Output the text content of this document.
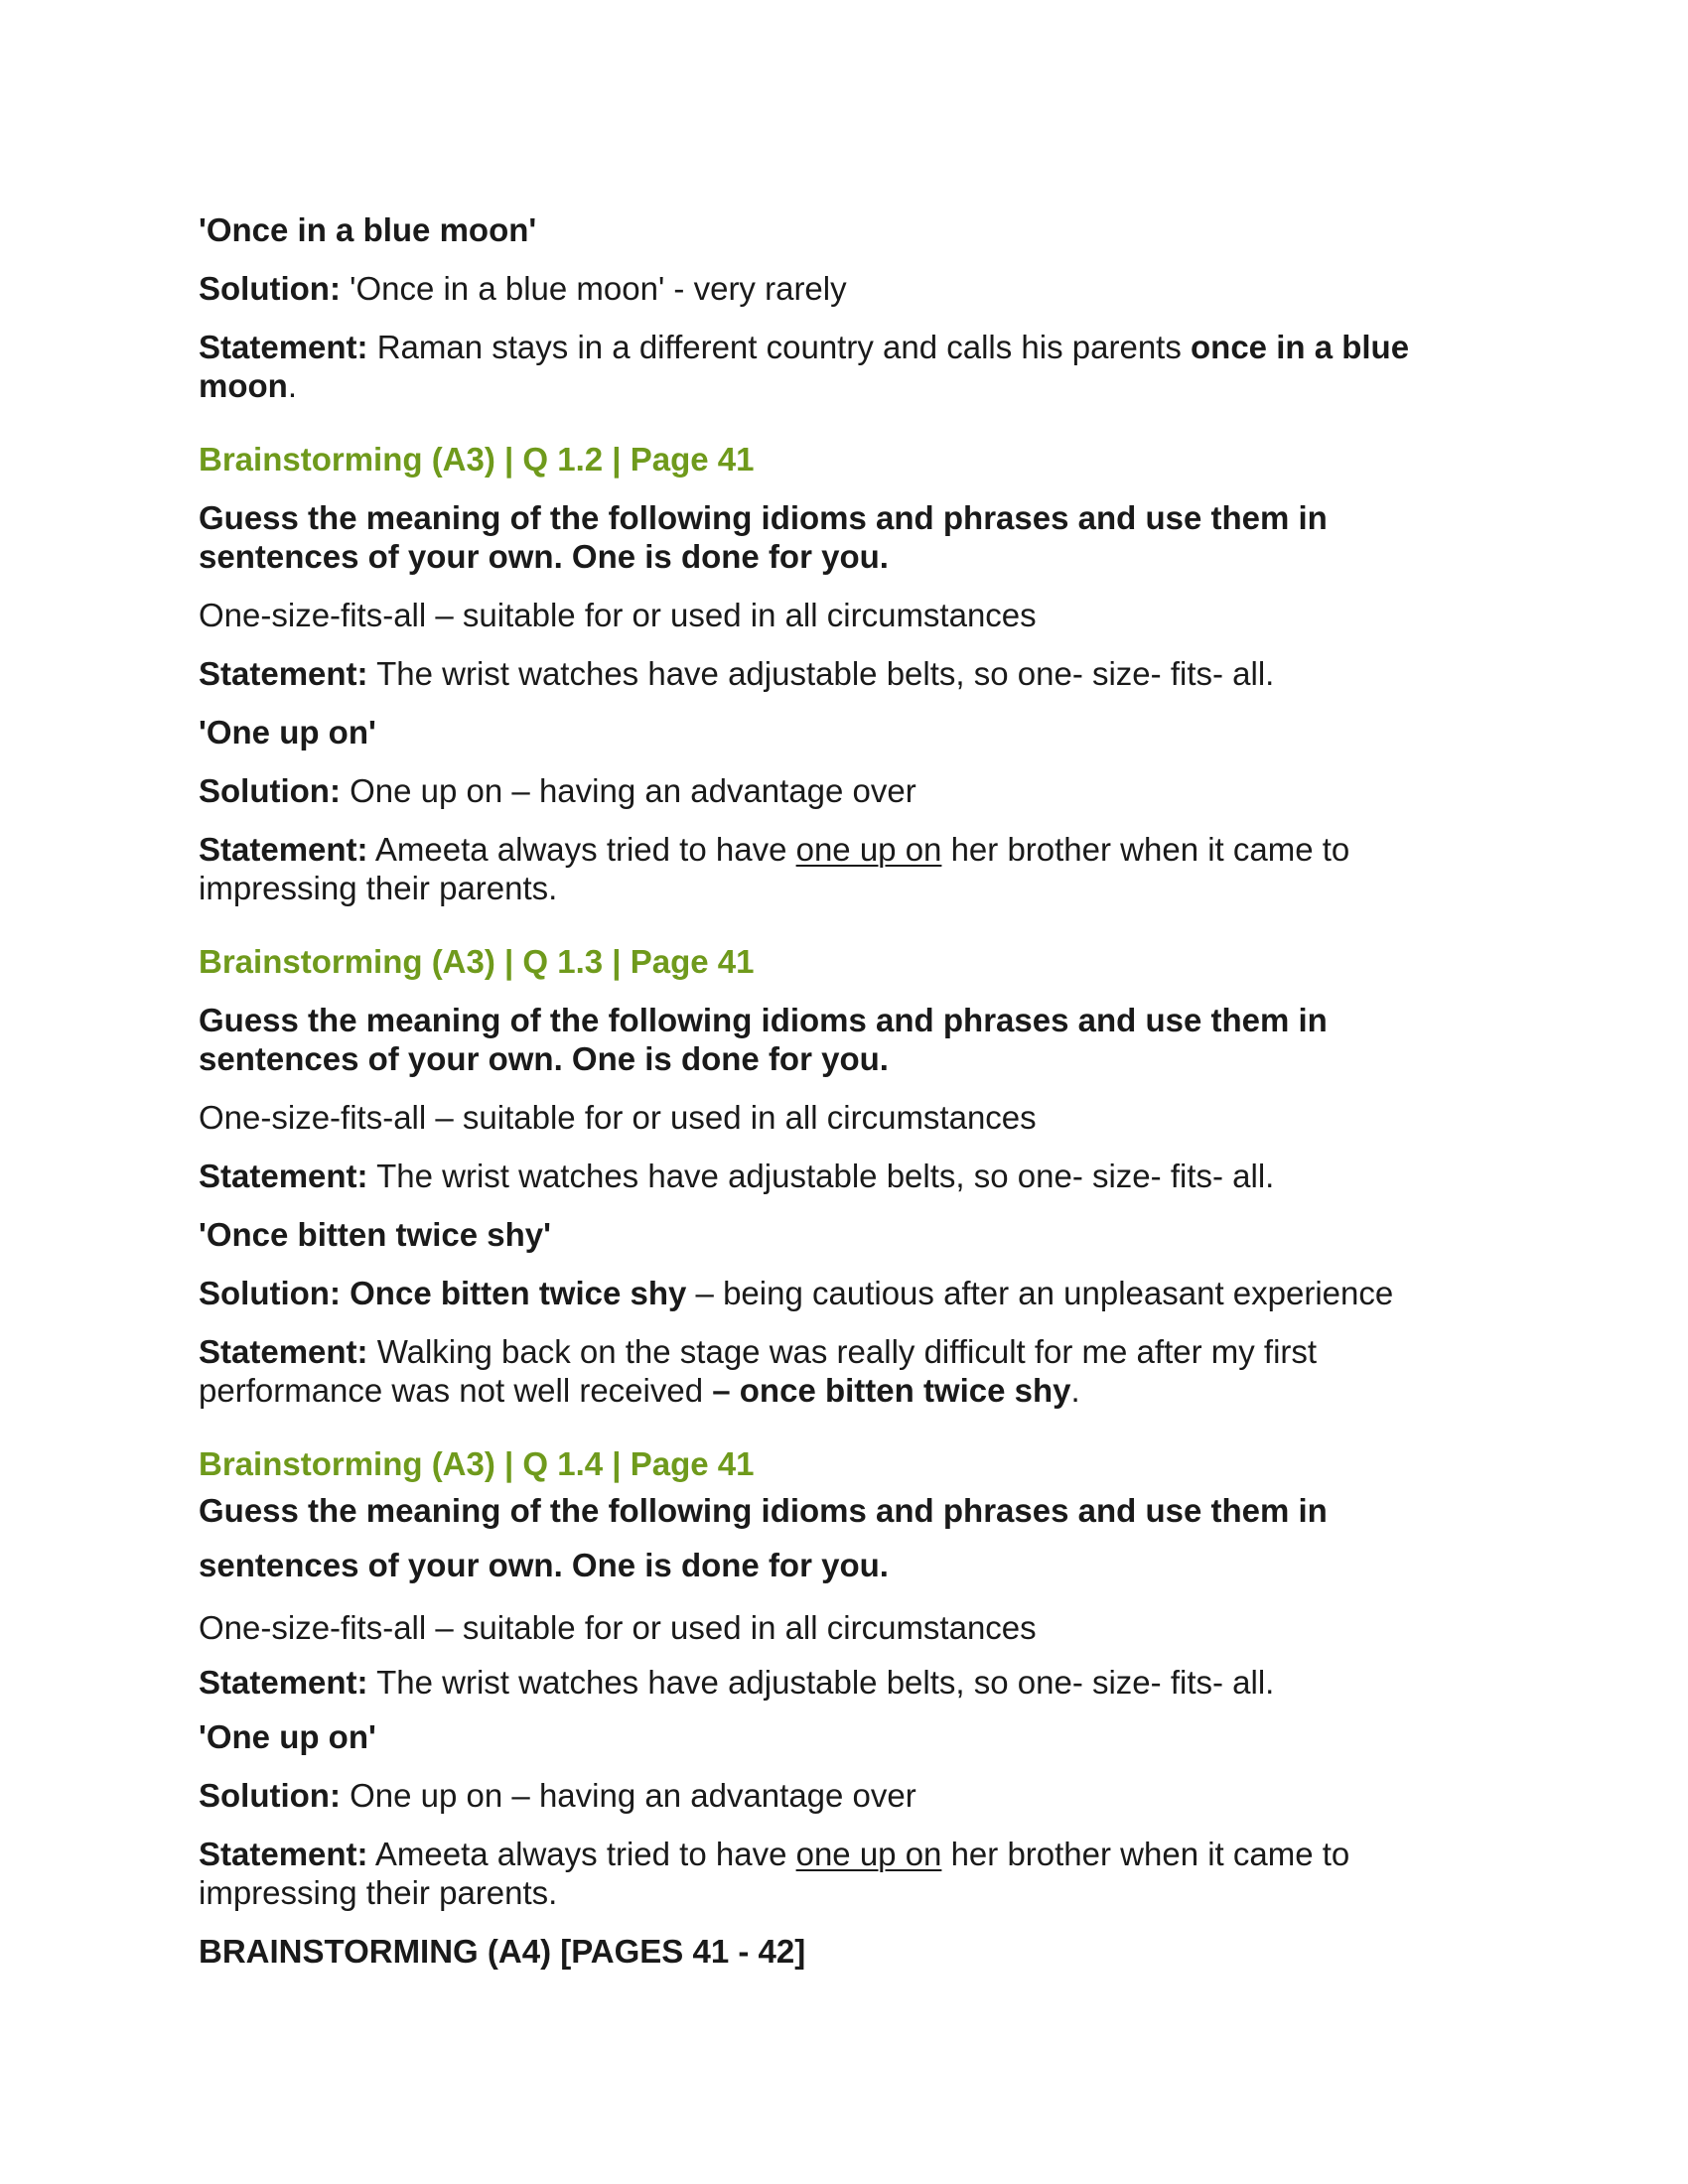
'Once in a blue moon'

Solution: 'Once in a blue moon' - very rarely

Statement: Raman stays in a different country and calls his parents once in a blue moon.

Brainstorming (A3) | Q 1.2 | Page 41

Guess the meaning of the following idioms and phrases and use them in sentences of your own. One is done for you.

One-size-fits-all – suitable for or used in all circumstances

Statement: The wrist watches have adjustable belts, so one- size- fits- all.

'One up on'

Solution: One up on – having an advantage over

Statement: Ameeta always tried to have one up on her brother when it came to impressing their parents.

Brainstorming (A3) | Q 1.3 | Page 41

Guess the meaning of the following idioms and phrases and use them in sentences of your own. One is done for you.

One-size-fits-all – suitable for or used in all circumstances

Statement: The wrist watches have adjustable belts, so one- size- fits- all.

'Once bitten twice shy'

Solution: Once bitten twice shy – being cautious after an unpleasant experience

Statement: Walking back on the stage was really difficult for me after my first performance was not well received – once bitten twice shy.

Brainstorming (A3) | Q 1.4 | Page 41

Guess the meaning of the following idioms and phrases and use them in sentences of your own. One is done for you.

One-size-fits-all – suitable for or used in all circumstances

Statement: The wrist watches have adjustable belts, so one- size- fits- all.

'One up on'

Solution: One up on – having an advantage over

Statement: Ameeta always tried to have one up on her brother when it came to impressing their parents.

BRAINSTORMING (A4) [PAGES 41 - 42]
